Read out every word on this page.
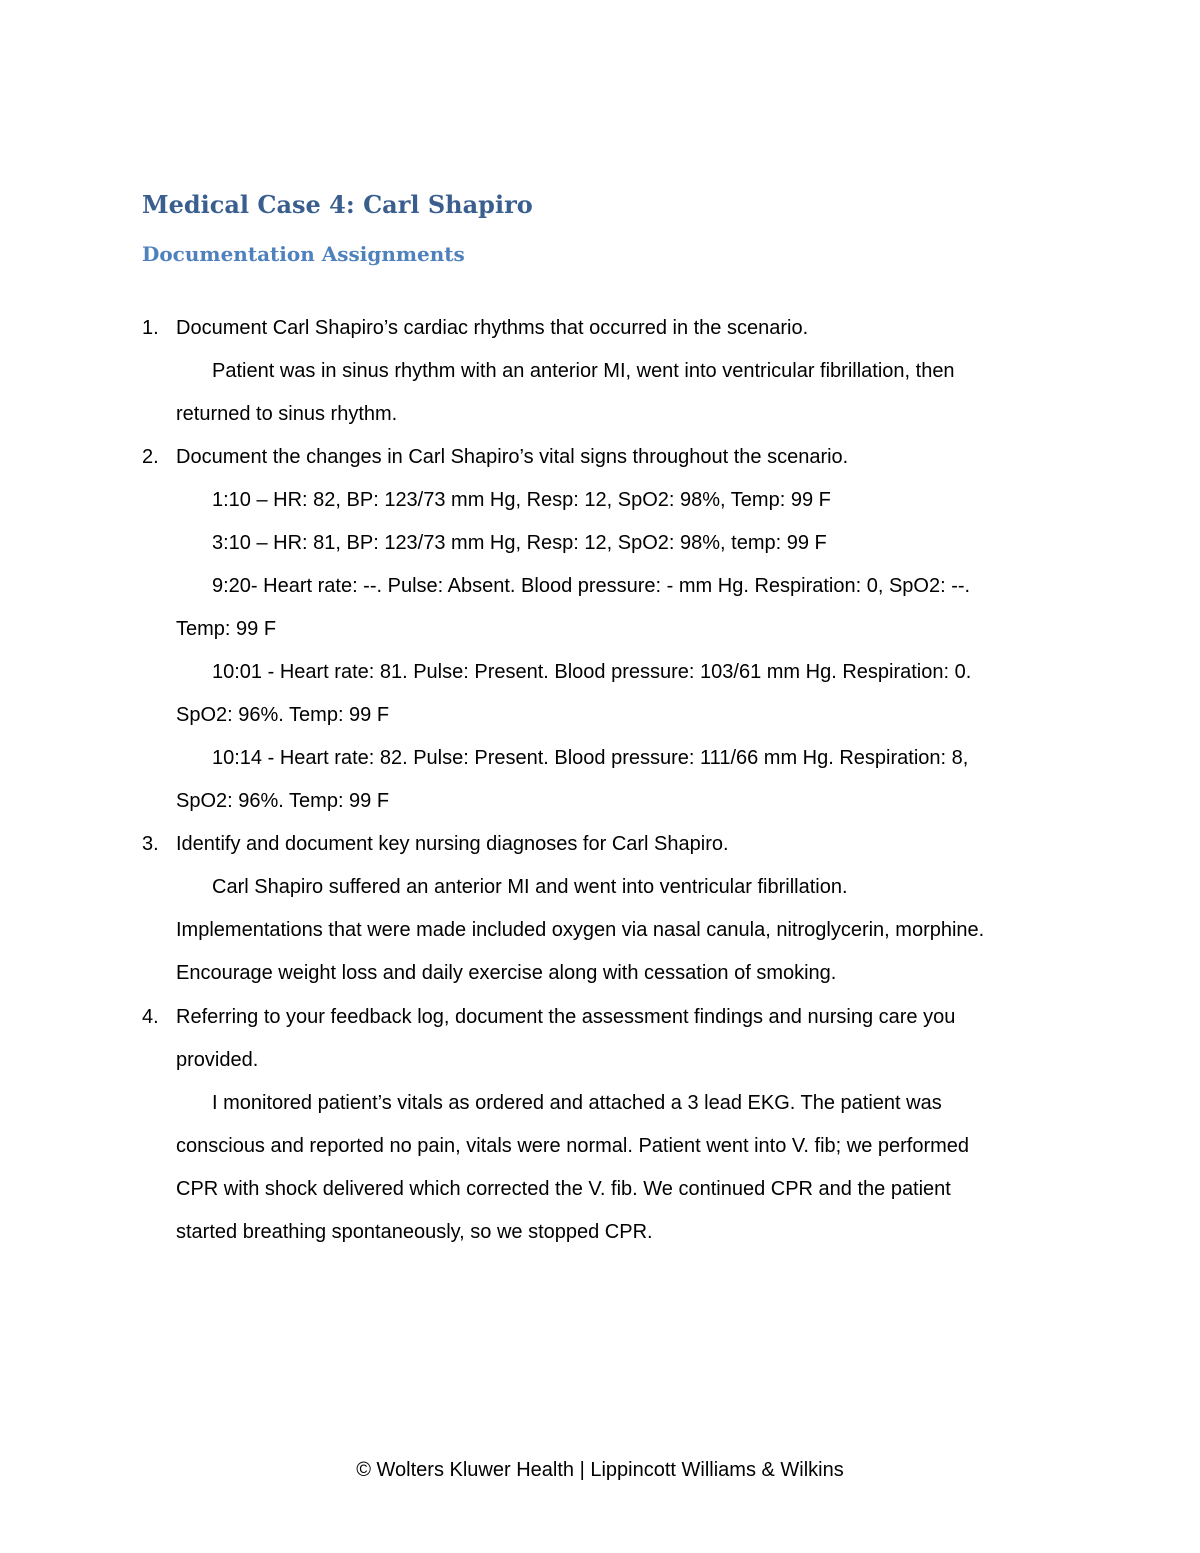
Medical Case 4: Carl Shapiro
Documentation Assignments
1. Document Carl Shapiro’s cardiac rhythms that occurred in the scenario.

Patient was in sinus rhythm with an anterior MI, went into ventricular fibrillation, then

returned to sinus rhythm.

2. Document the changes in Carl Shapiro’s vital signs throughout the scenario.

1:10 – HR: 82, BP: 123/73 mm Hg, Resp: 12, SpO2: 98%, Temp: 99 F

3:10 – HR: 81, BP: 123/73 mm Hg, Resp: 12, SpO2: 98%, temp: 99 F

9:20- Heart rate: --. Pulse: Absent. Blood pressure: - mm Hg. Respiration: 0, SpO2: --.

Temp: 99 F

10:01 - Heart rate: 81. Pulse: Present. Blood pressure: 103/61 mm Hg. Respiration: 0.

SpO2: 96%. Temp: 99 F

10:14 - Heart rate: 82. Pulse: Present. Blood pressure: 111/66 mm Hg. Respiration: 8,

SpO2: 96%. Temp: 99 F

3. Identify and document key nursing diagnoses for Carl Shapiro.

Carl Shapiro suffered an anterior MI and went into ventricular fibrillation.

Implementations that were made included oxygen via nasal canula, nitroglycerin, morphine.

Encourage weight loss and daily exercise along with cessation of smoking.

4. Referring to your feedback log, document the assessment findings and nursing care you

provided.

I monitored patient’s vitals as ordered and attached a 3 lead EKG. The patient was

conscious and reported no pain, vitals were normal. Patient went into V. fib; we performed

CPR with shock delivered which corrected the V. fib. We continued CPR and the patient

started breathing spontaneously, so we stopped CPR.

© Wolters Kluwer Health | Lippincott Williams & Wilkins
